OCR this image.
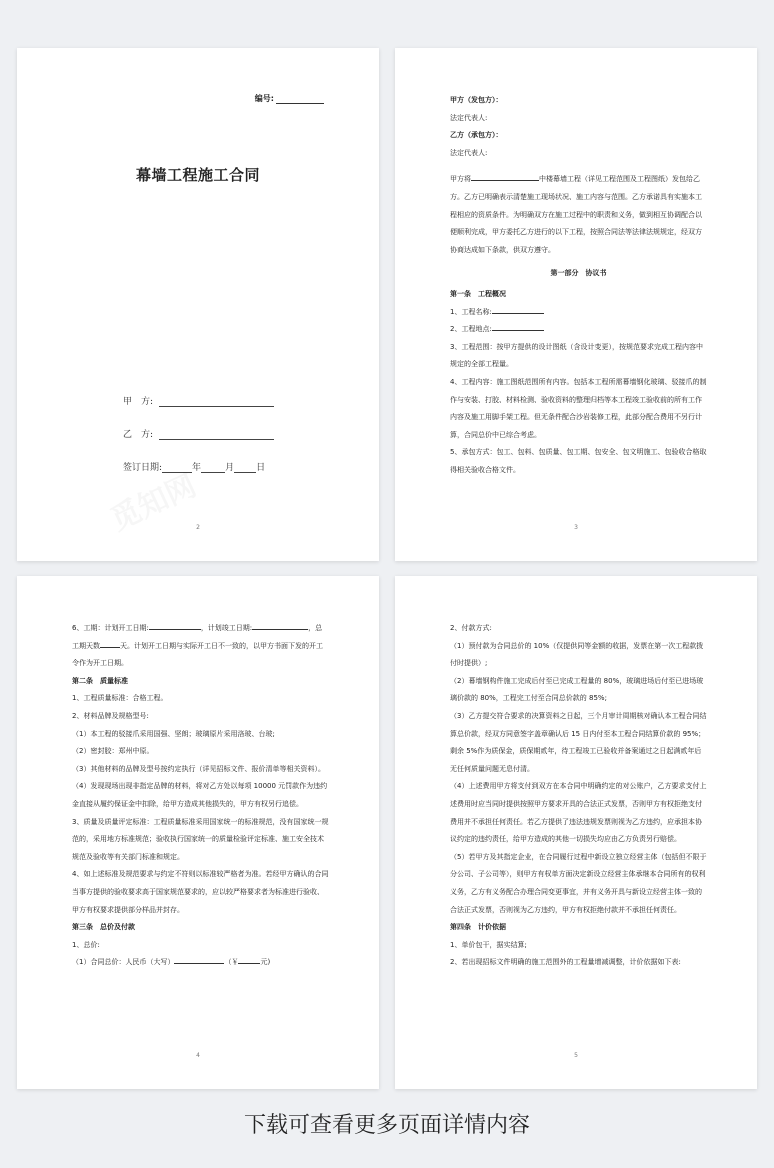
编号:
幕墙工程施工合同
甲　方:
乙　方:
签订日期:	年	月 日
2

甲方（发包方）：

法定代表人:

乙方（承包方）：

法定代表人:

甲方将	中楼幕墙工程（详见工程范围及工程图纸）发包给乙方。乙方已明确表示清楚施工现场状况、施工内容与范围。乙方承诺具有实施本工程相应的资质条件。为明确双方在施工过程中的职责和义务，做到相互协调配合以便顺利完成，甲方委托乙方进行的以下工程，按照合同法等法律法规规定，经双方协商达成如下条款，供双方遵守。

第一部分　协议书

第一条　工程概况

1、工程名称:

2、工程地点:

3、工程范围：按甲方提供的设计图纸（含设计变更），按规范要求完成工程内容中规定的全部工程量。

4、工程内容：施工图纸范围所有内容。包括本工程所需幕墙钢化玻璃、驳接爪的制作与安装、打胶、材料检测、验收资料的整理归档等本工程竣工验收前的所有工作内容及施工用脚手架工程。但无条件配合沙岩装修工程，此部分配合费用不另行计算，合同总价中已综合考虑。

5、承包方式：包工、包料、包质量、包工期、包安全、包文明施工、包验收合格取得相关验收合格文件。

3

6、工期：计划开工日期:	，计划竣工日期:	，总工期天数	天。计划开工日期与实际开工日不一致的，以甲方书面下发的开工令作为开工日期。

第二条　质量标准

1、工程质量标准：合格工程。

2、材料品牌及规格型号:

（1）本工程的驳接爪采用国强、坚朗；玻璃原片采用洛玻、台玻;

（2）密封胶：郑州中原。

（3）其他材料的品牌及型号按约定执行（详见招标文件、报价清单等相关资料）。

（4）发现现场出现非指定品牌的材料，将对乙方处以每项 10000 元罚款作为违约金直接从履约保证金中扣除，给甲方造成其他损失的，甲方有权另行追偿。

3、质量及质量评定标准：工程质量标准采用国家统一的标准规范，没有国家统一规范的，采用地方标准规范；验收执行国家统一的质量检验评定标准、施工安全技术规范及验收等有关部门标准和规定。

4、如上述标准及规范要求与约定不符则以标准较严格者为准。若经甲方确认的合同当事方提供的验收要求高于国家规范要求的，应以较严格要求者为标准进行验收、甲方有权要求提供部分样品并封存。

第三条　总价及付款

1、总价:

（1）合同总价：人民币（大写）	（￥	元)

4

2、付款方式:

（1）预付款为合同总价的 10%（仅提供同等金额的收据，发票在第一次工程款拨付时提供）;

（2）幕墙钢构件施工完成后付至已完成工程量的 80%，玻璃进场后付至已进场玻璃价款的 80%，工程完工付至合同总价款的 85%;

（3）乙方提交符合要求的决算资料之日起，三个月审计周期核对确认本工程合同结算总价款，经双方同意签字盖章确认后 15 日内付至本工程合同结算价款的 95%；剩余 5%作为质保金，质保期贰年，待工程竣工已验收并备案通过之日起满贰年后无任何质量问题无息付清。

（4）上述费用甲方将支付到双方在本合同中明确约定的对公账户，乙方要求支付上述费用时应当同时提供按照甲方要求开具的合法正式发票，否则甲方有权拒绝支付费用并不承担任何责任。若乙方提供了违法违规发票则视为乙方违约，应承担本协议约定的违约责任，给甲方造成的其他一切损失均应由乙方负责另行赔偿。

（5）若甲方及其指定企业，在合同履行过程中新设立独立经营主体（包括但不限于分公司、子公司等），则甲方有权单方面决定新设立经营主体承继本合同所有的权利义务，乙方有义务配合办理合同变更事宜，并有义务开具与新设立经营主体一致的合法正式发票，否则视为乙方违约，甲方有权拒绝付款并不承担任何责任。

第四条　计价依据

1、单价包干，据实结算;

2、若出现招标文件明确的施工范围外的工程量增减调整，计价依据如下表:

5
下载可查看更多页面详情内容
